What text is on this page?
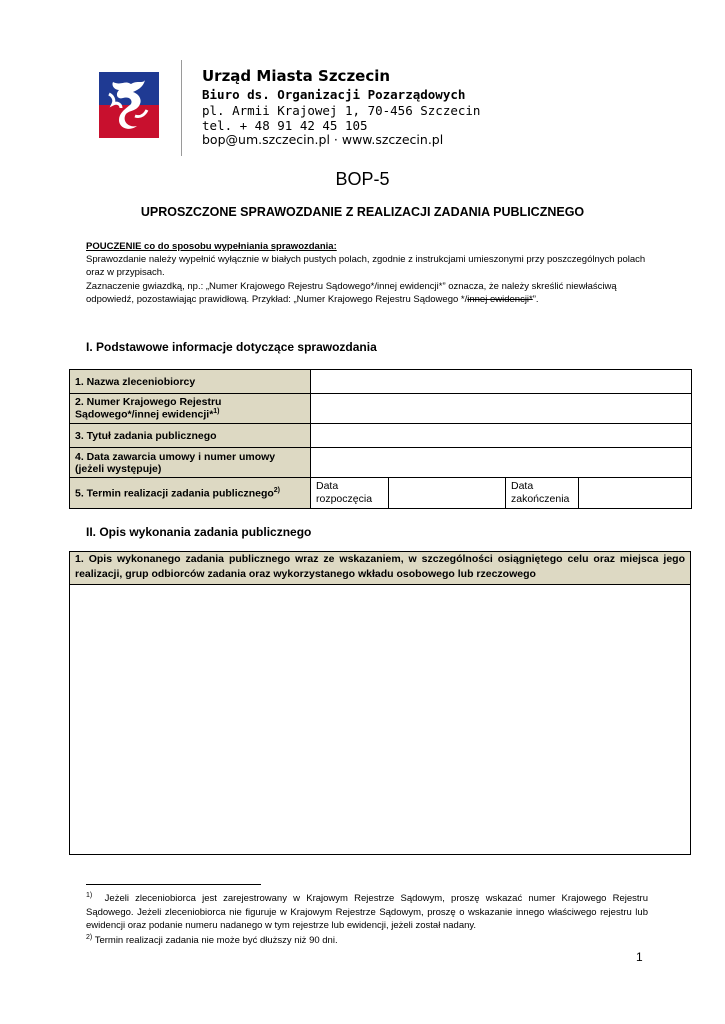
Urząd Miasta Szczecin
Biuro ds. Organizacji Pozarządowych
pl. Armii Krajowej 1, 70-456 Szczecin
tel. + 48 91 42 45 105
bop@um.szczecin.pl · www.szczecin.pl
BOP-5
UPROSZCZONE SPRAWOZDANIE Z REALIZACJI ZADANIA PUBLICZNEGO
POUCZENIE co do sposobu wypełniania sprawozdania:
Sprawozdanie należy wypełnić wyłącznie w białych pustych polach, zgodnie z instrukcjami umieszonymi przy poszczególnych polach oraz w przypisach.
Zaznaczenie gwiazdką, np.: „Numer Krajowego Rejestru Sądowego*/innej ewidencji*” oznacza, że należy skreślić niewłaściwą odpowiedź, pozostawiając prawidłową. Przykład: „Numer Krajowego Rejestru Sądowego */innej ewidencji*”.
I. Podstawowe informacje dotyczące sprawozdania
1. Nazwa zleceniobiorcy				
2. Numer Krajowego Rejestru Sądowego*/innej ewidencji*$^{1)}$	
3. Tytuł zadania publicznego				
4. Data zawarcia umowy i numer umowy (jeżeli występuje)				
5. Termin realizacji zadania publicznego$^{2)}$	Data rozpoczęcia		Data zakończenia	
II. Opis wykonania zadania publicznego
1. Opis wykonanego zadania publicznego wraz ze wskazaniem, w szczególności osiągniętego celu oraz miejsca jego realizacji, grup odbiorców zadania oraz wykorzystanego wkładu osobowego lub rzeczowego
$^{1)}$ Jeżeli zleceniobiorca jest zarejestrowany w Krajowym Rejestrze Sądowym, proszę wskazać numer Krajowego Rejestru Sądowego. Jeżeli zleceniobiorca nie figuruje w Krajowym Rejestrze Sądowym, proszę o wskazanie innego właściwego rejestru lub ewidencji oraz podanie numeru nadanego w tym rejestrze lub ewidencji, jeżeli został nadany.
$^{2)}$ Termin realizacji zadania nie może być dłuższy niż 90 dni.
1
